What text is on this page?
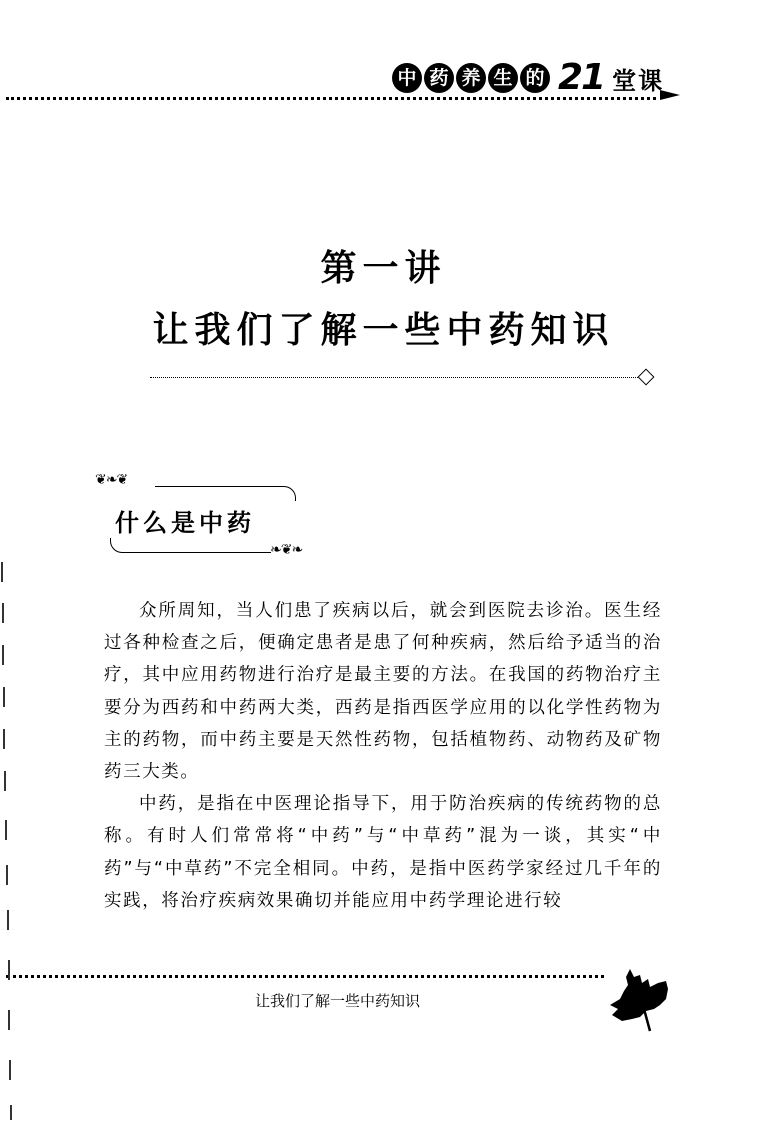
中 药 养 生 的 21 堂课
第一讲
让我们了解一些中药知识
❦❧❦
什么是中药
❧❦❧

众所周知，当人们患了疾病以后，就会到医院去诊治。医生经过各种检查之后，便确定患者是患了何种疾病，然后给予适当的治疗，其中应用药物进行治疗是最主要的方法。在我国的药物治疗主要分为西药和中药两大类，西药是指西医学应用的以化学性药物为主的药物，而中药主要是天然性药物，包括植物药、动物药及矿物药三大类。

中药，是指在中医理论指导下，用于防治疾病的传统药物的总称。有时人们常常将“中药”与“中草药”混为一谈，其实“中药”与“中草药”不完全相同。中药，是指中医药学家经过几千年的实践，将治疗疾病效果确切并能应用中药学理论进行较

让我们了解一些中药知识
